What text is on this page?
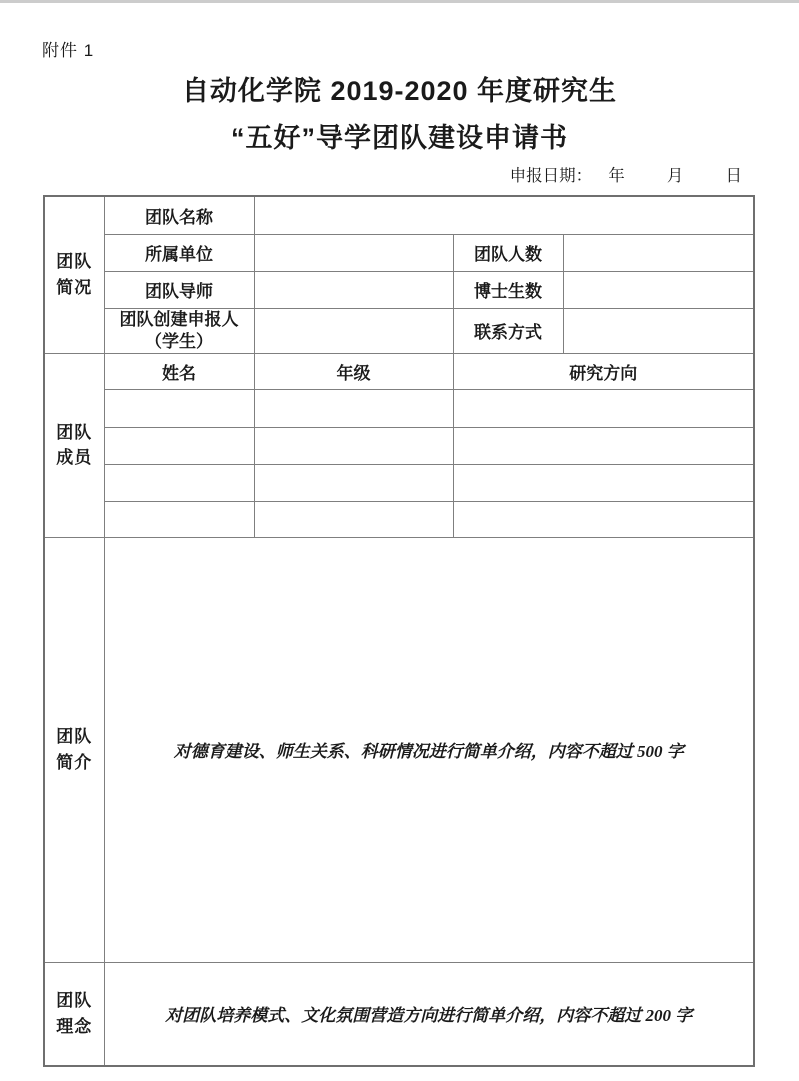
附件 1
自动化学院 2019-2020 年度研究生
“五好”导学团队建设申请书
申报日期： 年	月	日
团队
简况	团队名称			
	所属单位		团队人数	
	团队导师		博士生数	

	团队创建申报人
（学生）		联系方式	

团队
成员	姓名	年级	研究方向	

团队
简介	对德育建设、师生关系、科研情况进行简单介绍，内容不超过 500 字			

团队
理念	对团队培养模式、文化氛围营造方向进行简单介绍，内容不超过 200 字			
